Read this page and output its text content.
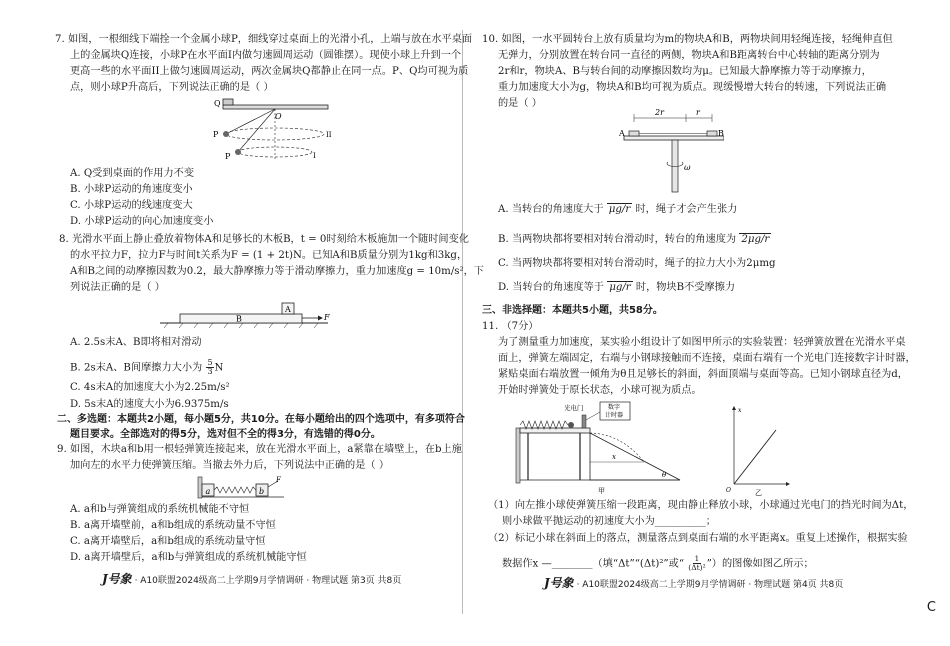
7. 如图，一根细线下端拴一个金属小球P，细线穿过桌面上的光滑小孔，上端与放在水平桌面
上的金属块Q连接，小球P在水平面I内做匀速圆周运动（圆锥摆）。现使小球上升到一个
更高一些的水平面II上做匀速圆周运动，两次金属块Q都静止在同一点。P、Q均可视为质
点，则小球P升高后，下列说法正确的是（ ）
Q
O
P
P
II
I
A. Q受到桌面的作用力不变
B. 小球P运动的角速度变小
C. 小球P运动的线速度变大
D. 小球P运动的向心加速度变小
8. 光滑水平面上静止叠放着物体A和足够长的木板B，t = 0时刻给木板施加一个随时间变化
的水平拉力F，拉力F与时间t关系为F = (1 + 2t)N。已知A和B质量分别为1kg和3kg，
A和B之间的动摩擦因数为0.2，最大静摩擦力等于滑动摩擦力，重力加速度g = 10m/s²，下
列说法正确的是（ ）
B
A
F
A. 2.5s末A、B即将相对滑动
B. 2s末A、B间摩擦力大小为 $\frac{5}{3}$ N
C. 4s末A的加速度大小为2.25m/s²
D. 5s末A的速度大小为6.9375m/s
二、多选题：本题共2小题，每小题5分，共10分。在每小题给出的四个选项中，有多项符合
题目要求。全部选对的得5分，选对但不全的得3分，有选错的得0分。
9. 如图，木块a和b用一根轻弹簧连接起来，放在光滑水平面上，a紧靠在墙壁上，在b上施
加向左的水平力使弹簧压缩。当撤去外力后，下列说法中正确的是（ ）
a	b
F
A. a和b与弹簧组成的系统机械能不守恒
B. a离开墙壁前，a和b组成的系统动量不守恒
C. a离开墙壁后，a和b组成的系统动量守恒
D. a离开墙壁后，a和b与弹簧组成的系统机械能守恒
J号象 · A10联盟2024级高二上学期9月学情调研 · 物理试题 第3页 共8页
10. 如图，一水平圆转台上放有质量均为m的物块A和B，两物块间用轻绳连接，轻绳伸直但
无弹力，分别放置在转台同一直径的两侧，物块A和B距离转台中心转轴的距离分别为
2r和r，物块A、B与转台间的动摩擦因数均为μ。已知最大静摩擦力等于动摩擦力，
重力加速度大小为g，物块A和B均可视为质点。现缓慢增大转台的转速，下列说法正确
的是（ ）
2r	r
A	B
ω
A. 当转台的角速度大于 μg/r 时，绳子才会产生张力
B. 当两物块都将要相对转台滑动时，转台的角速度为 2μg/r
C. 当两物块都将要相对转台滑动时，绳子的拉力大小为2μmg
D. 当转台的角速度等于 μg/r 时，物块B不受摩擦力
三、非选择题：本题共5小题，共58分。
11. （7分）
为了测量重力加速度，某实验小组设计了如图甲所示的实验装置：轻弹簧放置在光滑水平桌
面上，弹簧左端固定，右端与小钢球接触而不连接，桌面右端有一个光电门连接数字计时器，
紧贴桌面右端放置一倾角为θ且足够长的斜面，斜面顶端与桌面等高。已知小钢球直径为d，
开始时弹簧处于原长状态，小球可视为质点。
光电门	数字
计时器
x
θ
甲
x
O	乙
（1）向左推小球使弹簧压缩一段距离，现由静止释放小球，小球通过光电门的挡光时间为Δt，
则小球做平抛运动的初速度大小为__________；
（2）标记小球在斜面上的落点，测量落点到桌面右端的水平距离x。重复上述操作，根据实验
数据作x —________（填“Δt”“(Δt)²”或“ $\frac{1}{\text{(Δt)²}}$ ”）的图像如图乙所示；
J号象 · A10联盟2024级高二上学期9月学情调研 · 物理试题 第4页 共8页
C
